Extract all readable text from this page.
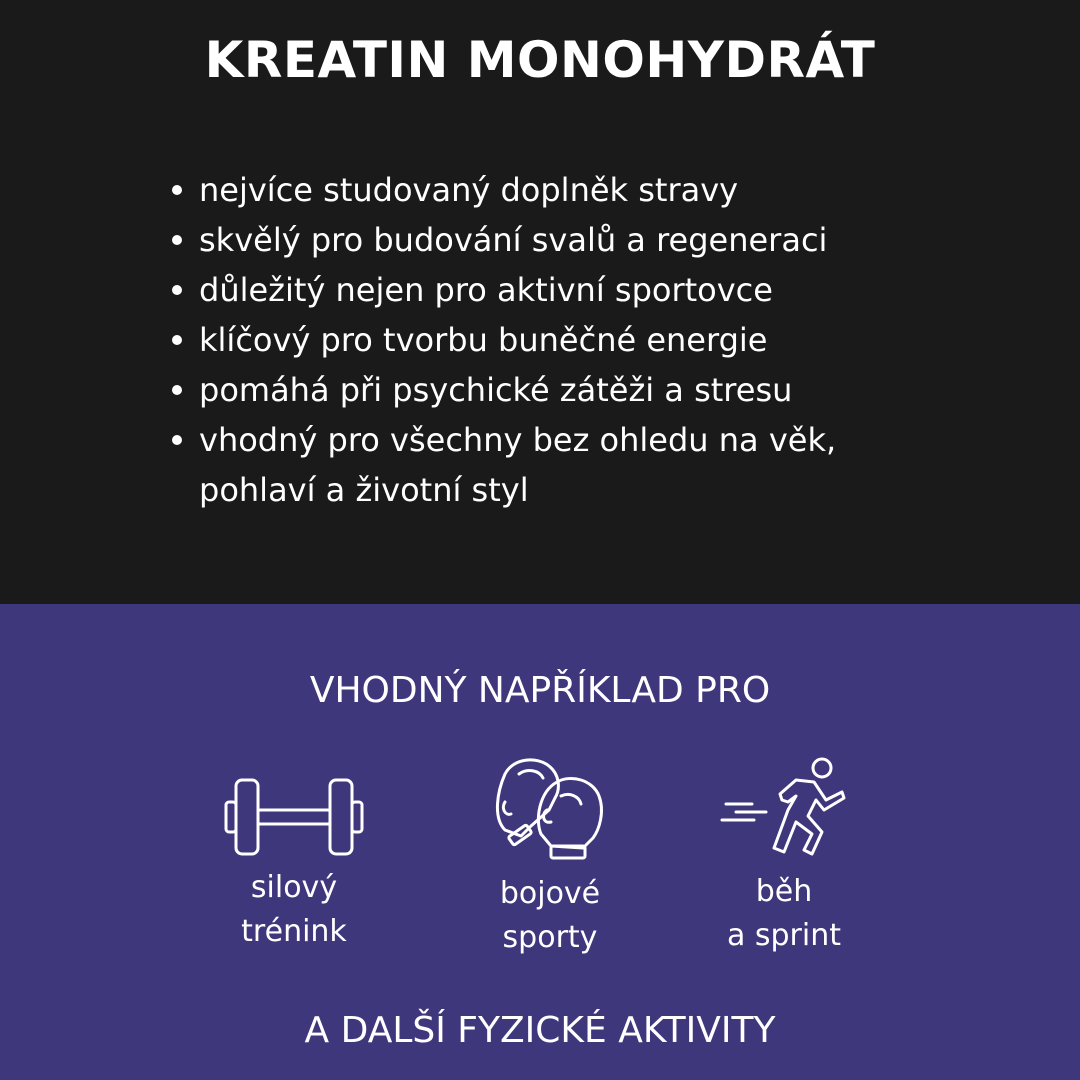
KREATIN MONOHYDRÁT
nejvíce studovaný doplněk stravy
skvělý pro budování svalů a regeneraci
důležitý nejen pro aktivní sportovce
klíčový pro tvorbu buněčné energie
pomáhá při psychické zátěži a stresu
vhodný pro všechny bez ohledu na věk, pohlaví a životní styl
VHODNÝ NAPŘÍKLAD PRO
silový
trénink
bojové
sporty
běh
a sprint
A DALŠÍ FYZICKÉ AKTIVITY
